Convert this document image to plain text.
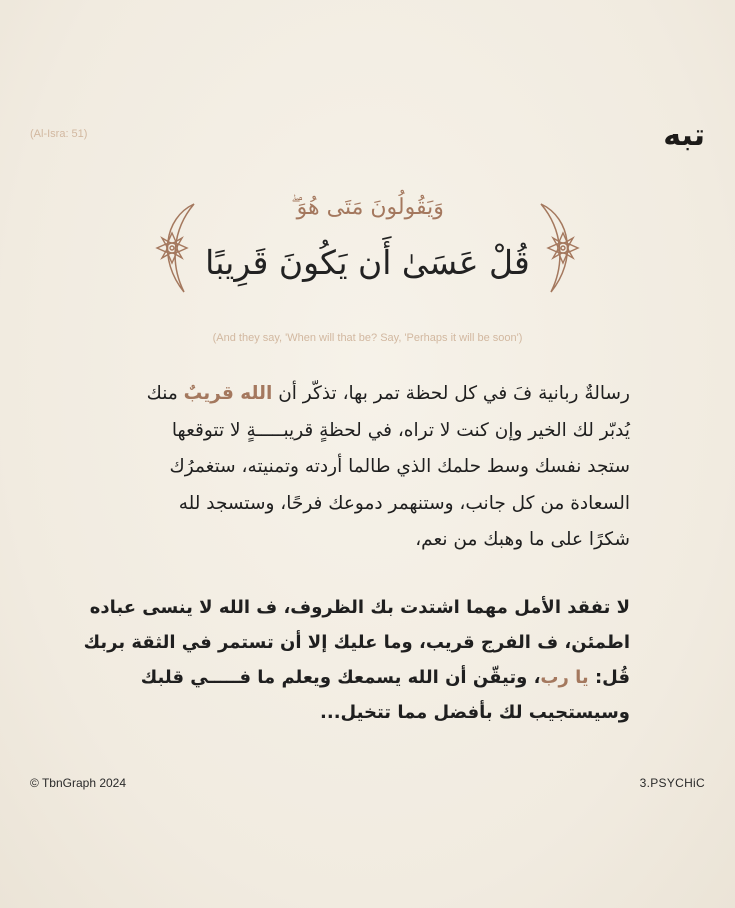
تبه
(Al-Isra: 51)
وَيَقُولُونَ مَتَى هُوَ ۖ
قُلْ عَسَىٰ أَن يَكُونَ قَرِيبًا
(And they say, 'When will that be? Say, 'Perhaps it will be soon')
رسالةٌ ربانية فَ في كل لحظة تمر بها، تذكّر أن الله قريبٌ منك
يُدبّر لك الخير وإن كنت لا تراه، في لحظةٍ قريبـــــةٍ لا تتوقعها
ستجد نفسك وسط حلمك الذي طالما أردته وتمنيته، ستغمرُك
السعادة من كل جانب، وستنهمر دموعك فرحًا، وستسجد لله
شكرًا على ما وهبك من نعم،
لا تفقد الأمل مهما اشتدت بك الظروف، ف الله لا ينسى عباده
اطمئن، ف الفرج قريب، وما عليك إلا أن تستمر في الثقة بربك
قُل: يا رب، وتيقّن أن الله يسمعك ويعلم ما فـــــي قلبك
وسيستجيب لك بأفضل مما تتخيل...
© TbnGraph 2024	3.PSYCHiC
